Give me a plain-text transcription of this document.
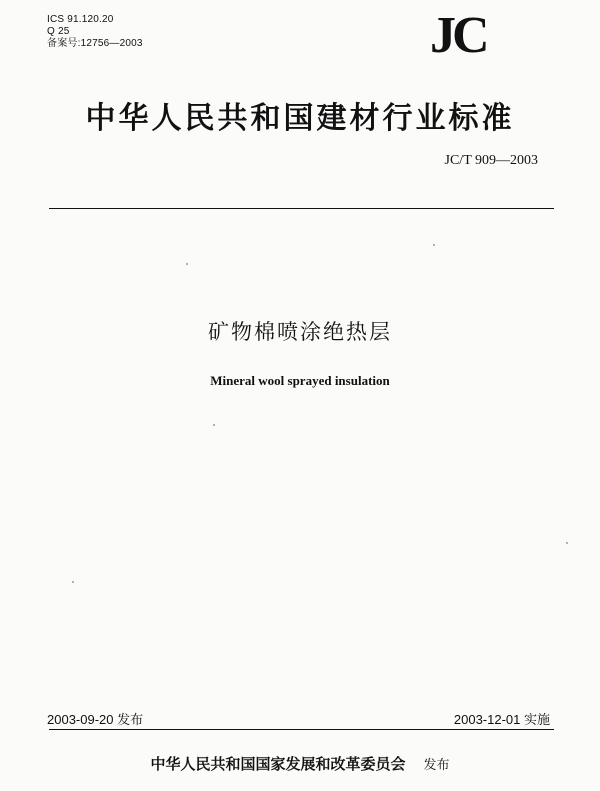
ICS 91.120.20
Q 25
备案号:12756—2003	JC
中华人民共和国建材行业标准
JC/T 909—2003
矿物棉喷涂绝热层
Mineral wool sprayed insulation
2003-09-20 发布	2003-12-01 实施
中华人民共和国国家发展和改革委员会 发布
